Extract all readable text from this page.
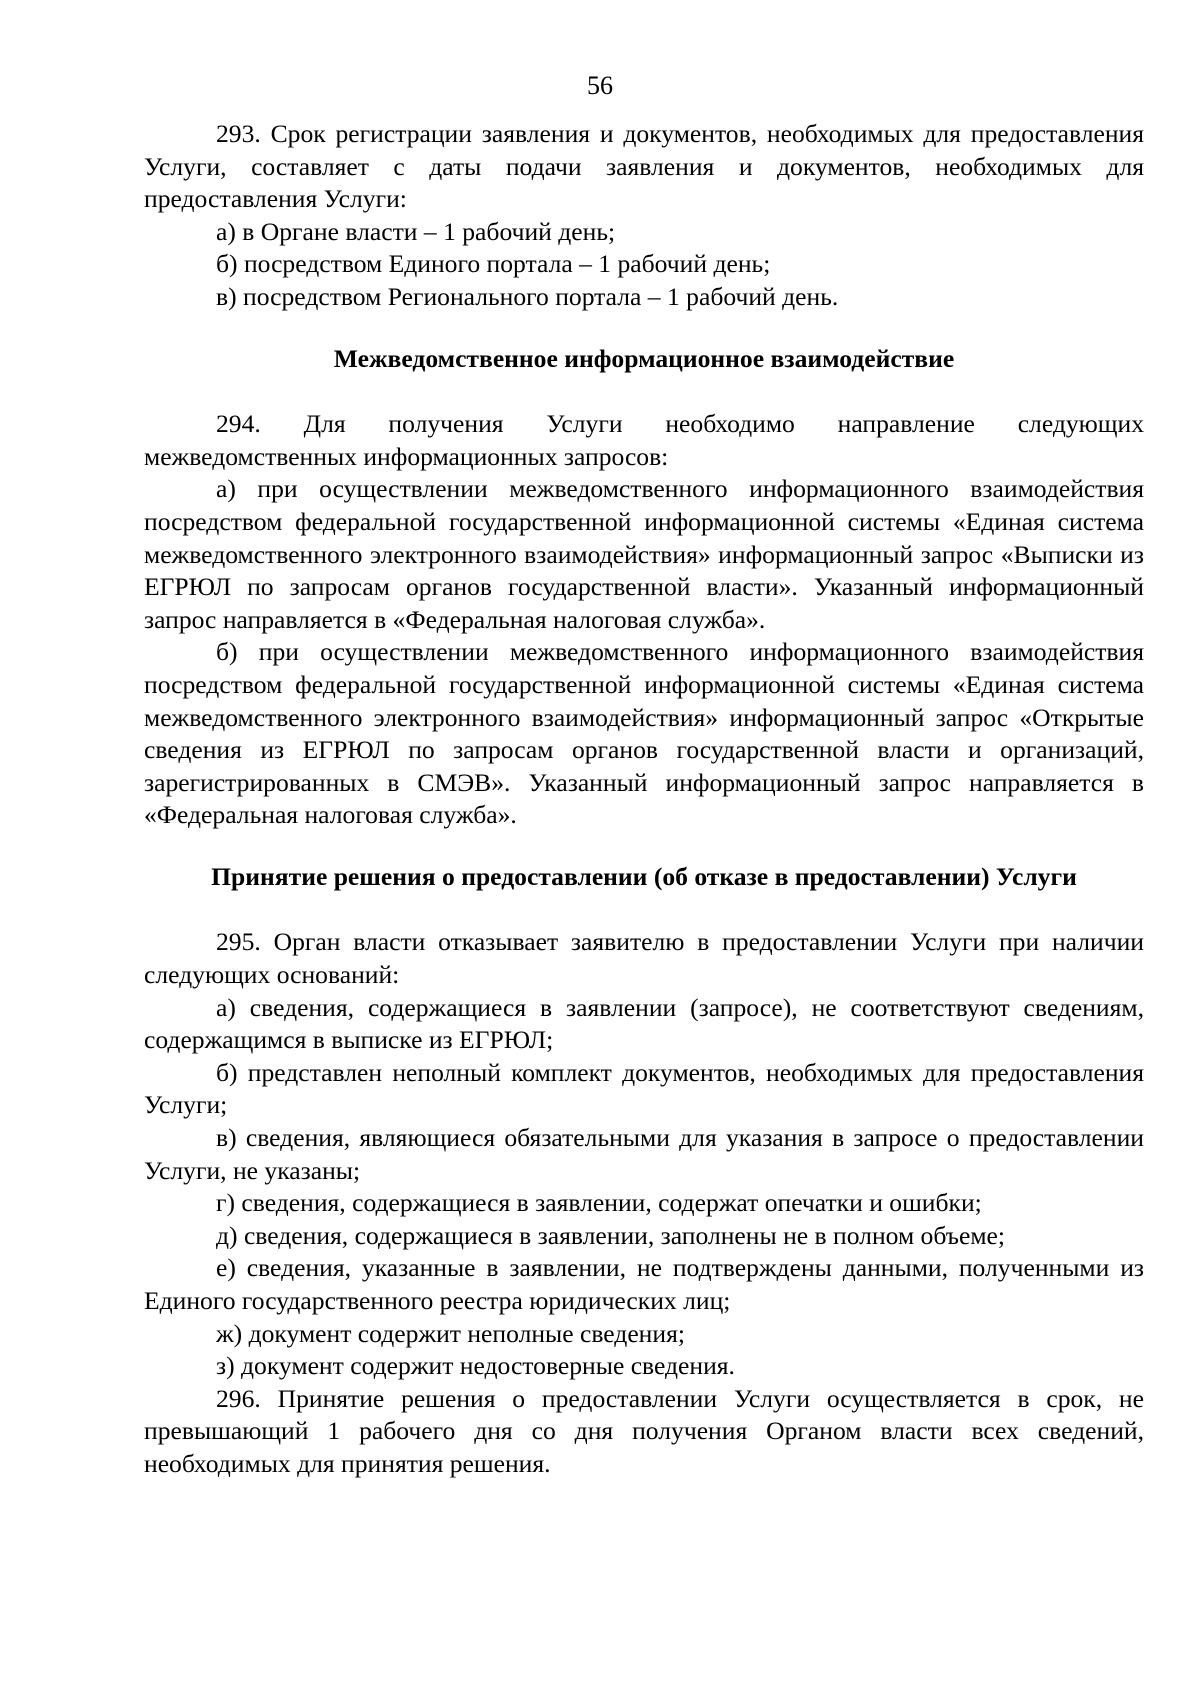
56

293. Срок регистрации заявления и документов, необходимых для предоставления Услуги, составляет с даты подачи заявления и документов, необходимых для предоставления Услуги:

а) в Органе власти – 1 рабочий день;

б) посредством Единого портала – 1 рабочий день;

в) посредством Регионального портала – 1 рабочий день.

Межведомственное информационное взаимодействие

294. Для получения Услуги необходимо направление следующих межведомственных информационных запросов:

а) при осуществлении межведомственного информационного взаимодействия посредством федеральной государственной информационной системы «Единая система межведомственного электронного взаимодействия» информационный запрос «Выписки из ЕГРЮЛ по запросам органов государственной власти». Указанный информационный запрос направляется в «Федеральная налоговая служба».

б) при осуществлении межведомственного информационного взаимодействия посредством федеральной государственной информационной системы «Единая система межведомственного электронного взаимодействия» информационный запрос «Открытые сведения из ЕГРЮЛ по запросам органов государственной власти и организаций, зарегистрированных в СМЭВ». Указанный информационный запрос направляется в «Федеральная налоговая служба».

Принятие решения о предоставлении (об отказе в предоставлении) Услуги

295. Орган власти отказывает заявителю в предоставлении Услуги при наличии следующих оснований:

а) сведения, содержащиеся в заявлении (запросе), не соответствуют сведениям, содержащимся в выписке из ЕГРЮЛ;

б) представлен неполный комплект документов, необходимых для предоставления Услуги;

в) сведения, являющиеся обязательными для указания в запросе о предоставлении Услуги, не указаны;

г) сведения, содержащиеся в заявлении, содержат опечатки и ошибки;

д) сведения, содержащиеся в заявлении, заполнены не в полном объеме;

е) сведения, указанные в заявлении, не подтверждены данными, полученными из Единого государственного реестра юридических лиц;

ж) документ содержит неполные сведения;

з) документ содержит недостоверные сведения.

296. Принятие решения о предоставлении Услуги осуществляется в срок, не превышающий 1 рабочего дня со дня получения Органом власти всех сведений, необходимых для принятия решения.
